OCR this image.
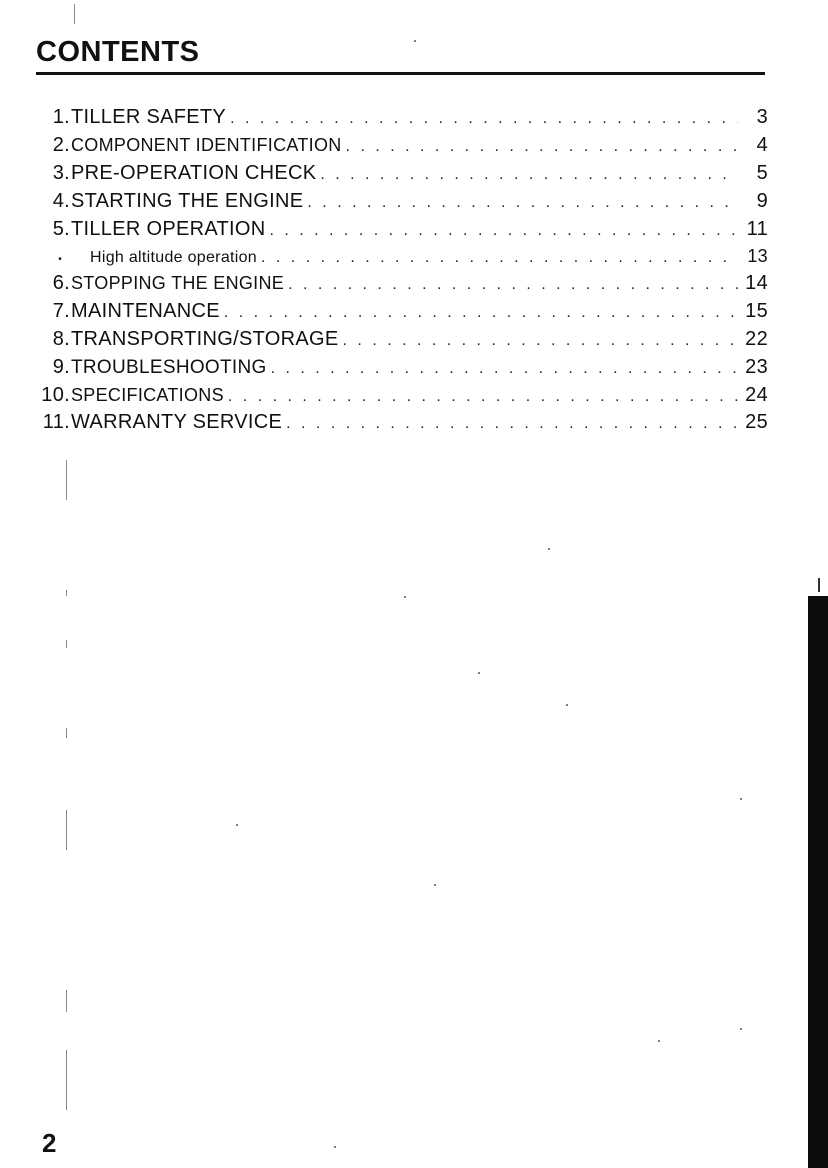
CONTENTS
1. TILLER SAFETY . . .	3
2. COMPONENT IDENTIFICATION . . .	4
3. PRE-OPERATION CHECK . . .	5
4. STARTING THE ENGINE . . .	9
5. TILLER OPERATION . . .	11
•	High altitude operation . . .	13
6. STOPPING THE ENGINE . . .	14
7. MAINTENANCE . . .	15
8. TRANSPORTING/STORAGE . . .	22
9. TROUBLESHOOTING . . .	23
10. SPECIFICATIONS . . .	24
11. WARRANTY SERVICE . . .	25
2
